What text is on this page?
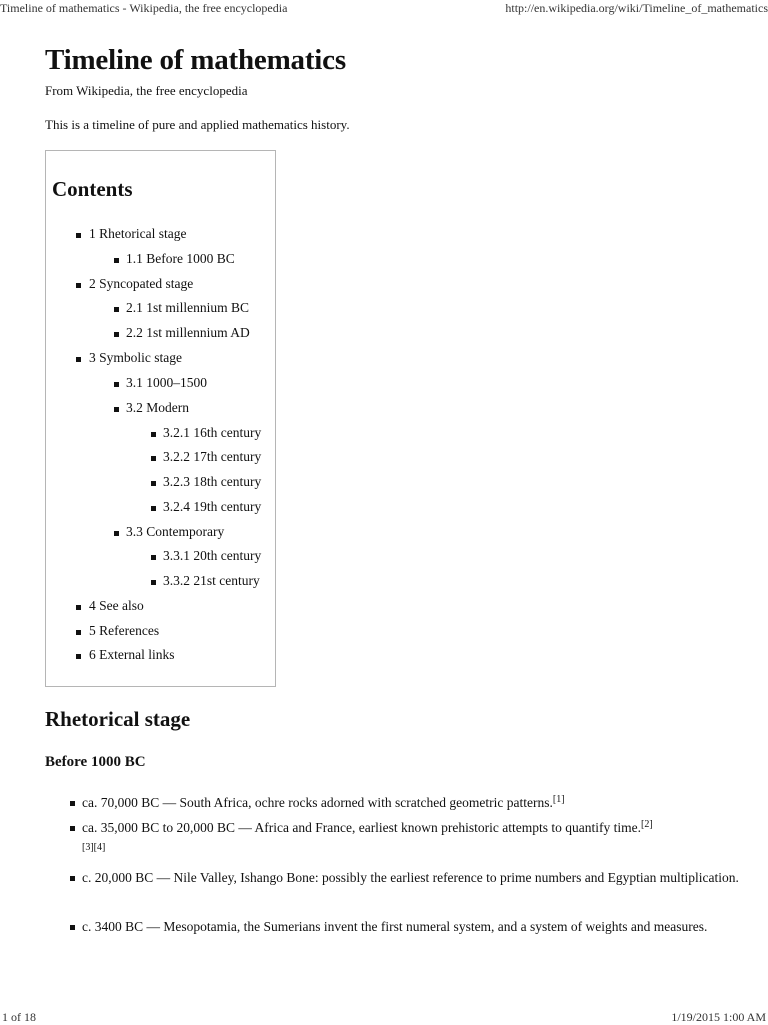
Timeline of mathematics - Wikipedia, the free encyclopedia	http://en.wikipedia.org/wiki/Timeline_of_mathematics
1 of 18	1/19/2015 1:00 AM
Timeline of mathematics
From Wikipedia, the free encyclopedia
This is a timeline of pure and applied mathematics history.
Contents
1 Rhetorical stage
1.1 Before 1000 BC
2 Syncopated stage
2.1 1st millennium BC
2.2 1st millennium AD
3 Symbolic stage
3.1 1000–1500
3.2 Modern
3.2.1 16th century
3.2.2 17th century
3.2.3 18th century
3.2.4 19th century
3.3 Contemporary
3.3.1 20th century
3.3.2 21st century
4 See also
5 References
6 External links
Rhetorical stage
Before 1000 BC
ca. 70,000 BC — South Africa, ochre rocks adorned with scratched geometric patterns.[1]
ca. 35,000 BC to 20,000 BC — Africa and France, earliest known prehistoric attempts to quantify time.[2]
[3][4]
c. 20,000 BC — Nile Valley, Ishango Bone: possibly the earliest reference to prime numbers and Egyptian multiplication.
c. 3400 BC — Mesopotamia, the Sumerians invent the first numeral system, and a system of weights and measures.
